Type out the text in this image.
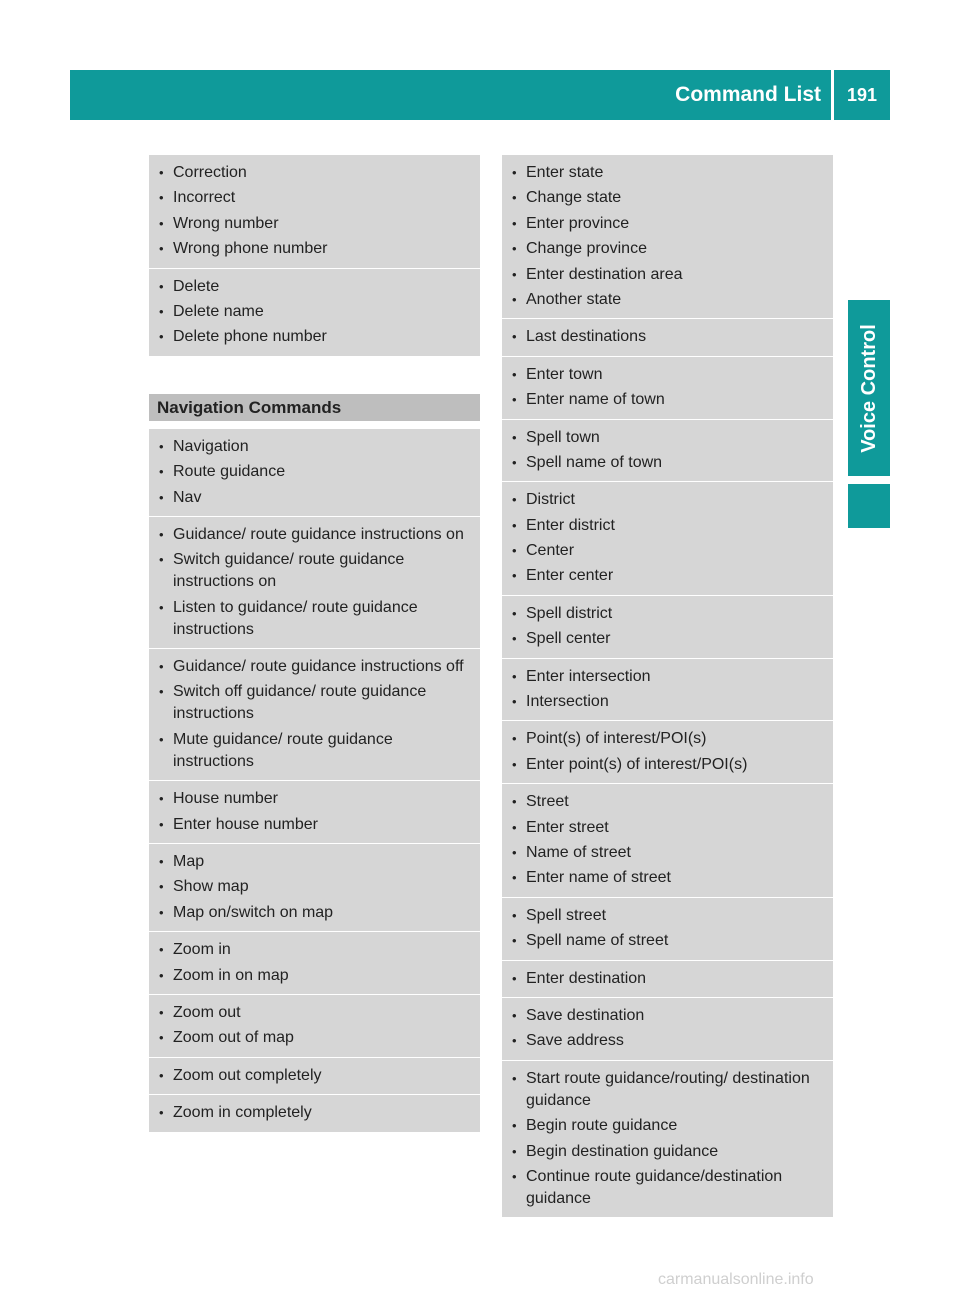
Command List	191
Voice Control
• Correction
• Incorrect
• Wrong number
• Wrong phone number
• Delete
• Delete name
• Delete phone number
Navigation Commands
• Navigation
• Route guidance
• Nav
• Guidance/ route guidance instructions on
• Switch guidance/ route guidance instructions on
• Listen to guidance/ route guidance instructions
• Guidance/ route guidance instructions off
• Switch off guidance/ route guidance instructions
• Mute guidance/ route guidance instructions
• House number
• Enter house number
• Map
• Show map
• Map on/switch on map
• Zoom in
• Zoom in on map
• Zoom out
• Zoom out of map
• Zoom out completely
• Zoom in completely
• Enter state
• Change state
• Enter province
• Change province
• Enter destination area
• Another state
• Last destinations
• Enter town
• Enter name of town
• Spell town
• Spell name of town
• District
• Enter district
• Center
• Enter center
• Spell district
• Spell center
• Enter intersection
• Intersection
• Point(s) of interest/POI(s)
• Enter point(s) of interest/POI(s)
• Street
• Enter street
• Name of street
• Enter name of street
• Spell street
• Spell name of street
• Enter destination
• Save destination
• Save address
• Start route guidance/routing/ destination guidance
• Begin route guidance
• Begin destination guidance
• Continue route guidance/destination guidance
carmanualsonline.info
